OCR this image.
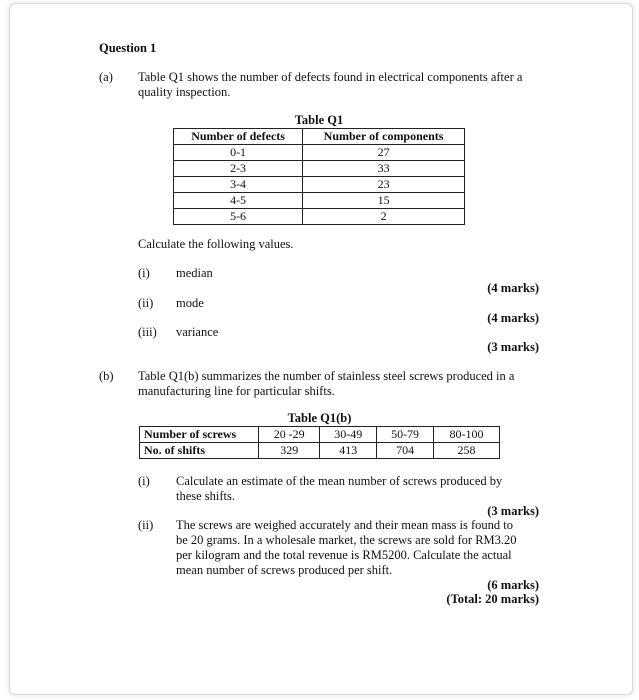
Question 1
(a) Table Q1 shows the number of defects found in electrical components after a
quality inspection.
Table Q1
Number of defects	Number of components
0-1	27
2-3	33
3-4	23
4-5	15
5-6	2
Calculate the following values.
(i) median
(4 marks)
(ii) mode
(4 marks)
(iii) variance
(3 marks)
(b) Table Q1(b) summarizes the number of stainless steel screws produced in a
manufacturing line for particular shifts.
Table Q1(b)
Number of screws	20 -29	30-49	50-79	80-100
No. of shifts	329	413	704	258
(i) Calculate an estimate of the mean number of screws produced by
these shifts.
(3 marks)
(ii) The screws are weighed accurately and their mean mass is found to
be 20 grams. In a wholesale market, the screws are sold for RM3.20
per kilogram and the total revenue is RM5200. Calculate the actual
mean number of screws produced per shift.
(6 marks)
(Total: 20 marks)
